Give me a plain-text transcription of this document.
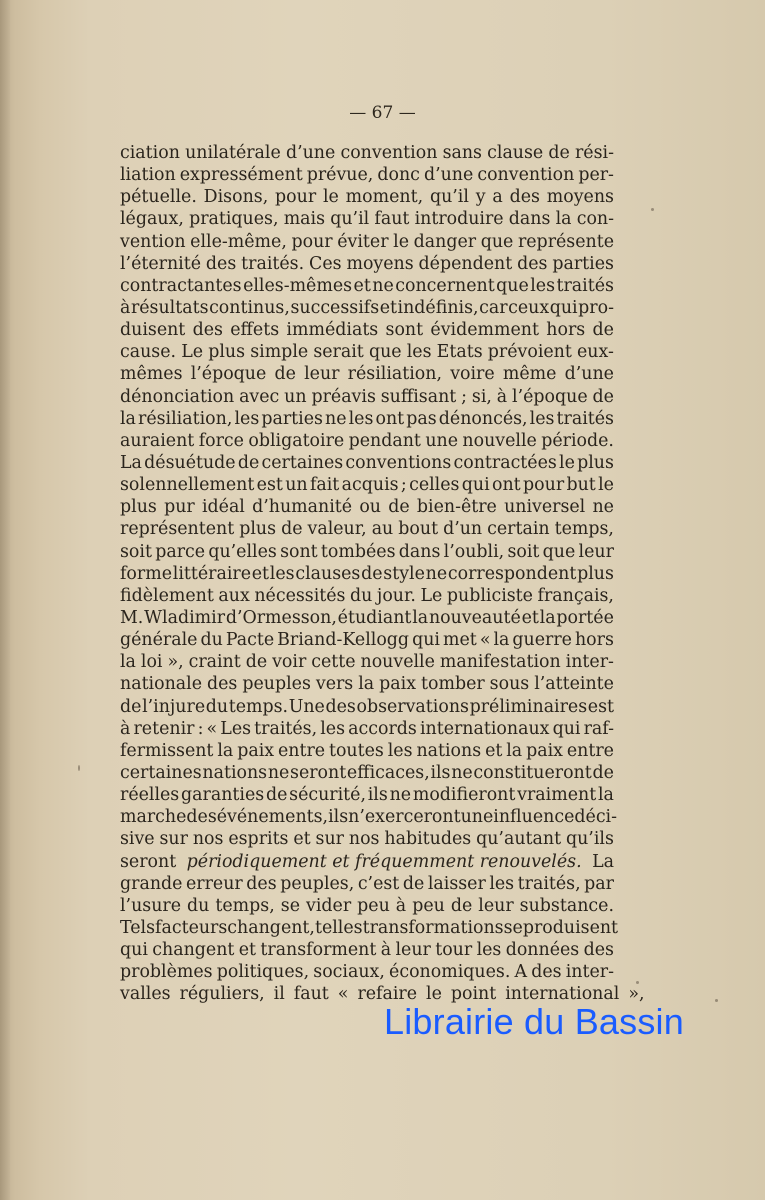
— 67 —
ciation unilatérale d’une convention sans clause de rési-
liation expressément prévue, donc d’une convention per-
pétuelle. Disons, pour le moment, qu’il y a des moyens
légaux, pratiques, mais qu’il faut introduire dans la con-
vention elle-même, pour éviter le danger que représente
l’éternité des traités. Ces moyens dépendent des parties
contractantes elles-mêmes et ne concernent que les traités
à résultats continus, successifs et indéfinis, car ceux qui pro-
duisent des effets immédiats sont évidemment hors de
cause. Le plus simple serait que les Etats prévoient eux-
mêmes l’époque de leur résiliation, voire même d’une
dénonciation avec un préavis suffisant ; si, à l’époque de
la résiliation, les parties ne les ont pas dénoncés, les traités
auraient force obligatoire pendant une nouvelle période.
La désuétude de certaines conventions contractées le plus
solennellement est un fait acquis ; celles qui ont pour but le
plus pur idéal d’humanité ou de bien-être universel ne
représentent plus de valeur, au bout d’un certain temps,
soit parce qu’elles sont tombées dans l’oubli, soit que leur
forme littéraire et les clauses de style ne correspondent plus
fidèlement aux nécessités du jour. Le publiciste français,
M. Wladimir d’Ormesson, étudiant la nouveauté et la portée
générale du Pacte Briand-Kellogg qui met « la guerre hors
la loi », craint de voir cette nouvelle manifestation inter-
nationale des peuples vers la paix tomber sous l’atteinte
de l’injure du temps. Une des observations préliminaires est
à retenir : « Les traités, les accords internationaux qui raf-
fermissent la paix entre toutes les nations et la paix entre
certaines nations ne seront efficaces, ils ne constitueront de
réelles garanties de sécurité, ils ne modifieront vraiment la
marche des événements, ils n’exerceront une influence déci-
sive sur nos esprits et sur nos habitudes qu’autant qu’ils
seront périodiquement et fréquemment renouvelés. La
grande erreur des peuples, c’est de laisser les traités, par
l’usure du temps, se vider peu à peu de leur substance.
Tels facteurs changent, telles transformations se produisent
qui changent et transforment à leur tour les données des
problèmes politiques, sociaux, économiques. A des inter-
valles réguliers, il faut « refaire le point international »,
Librairie du Bassin
